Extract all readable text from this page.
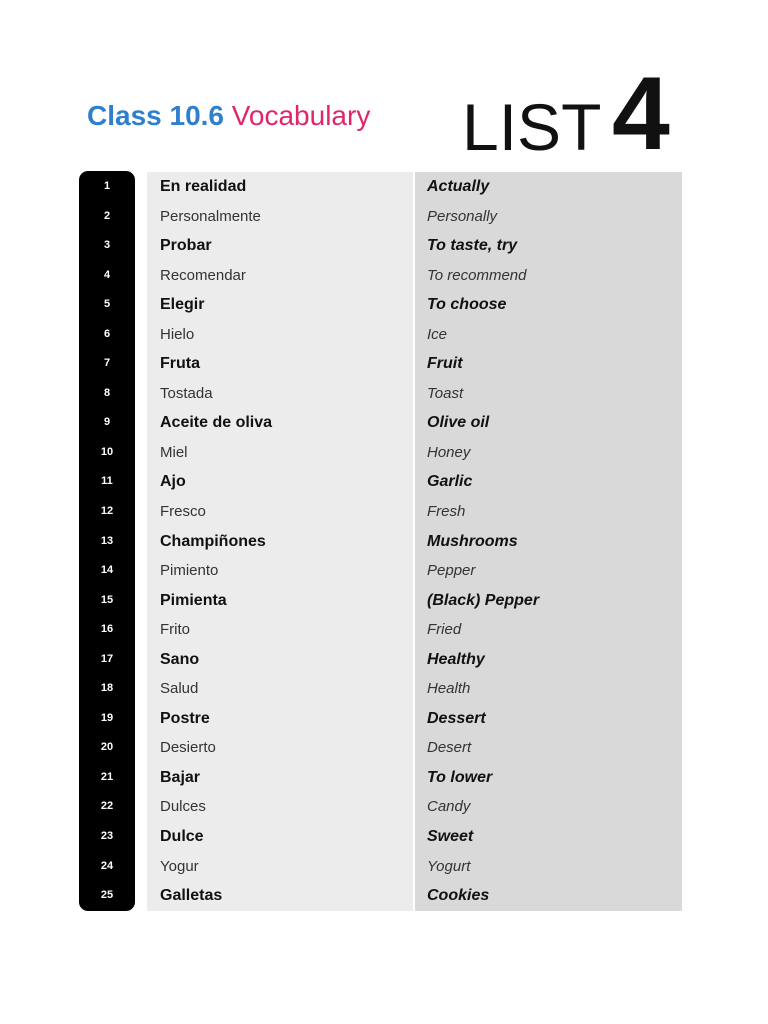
Class 10.6 Vocabulary LIST 4
1	En realidad	Actually
2	Personalmente	Personally
3	Probar	To taste, try
4	Recomendar	To recommend
5	Elegir	To choose
6	Hielo	Ice
7	Fruta	Fruit
8	Tostada	Toast
9	Aceite de oliva	Olive oil
10	Miel	Honey
11	Ajo	Garlic
12	Fresco	Fresh
13	Champiñones	Mushrooms
14	Pimiento	Pepper
15	Pimienta	(Black) Pepper
16	Frito	Fried
17	Sano	Healthy
18	Salud	Health
19	Postre	Dessert
20	Desierto	Desert
21	Bajar	To lower
22	Dulces	Candy
23	Dulce	Sweet
24	Yogur	Yogurt
25	Galletas	Cookies
